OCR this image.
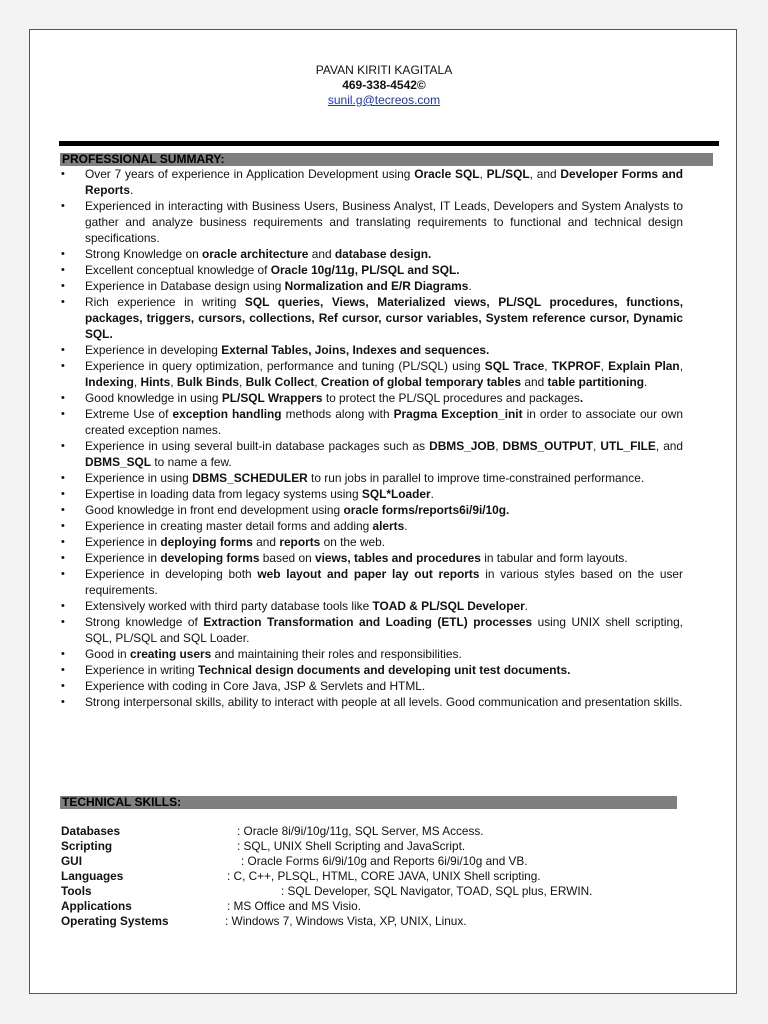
PAVAN KIRITI KAGITALA
469-338-4542©
sunil.g@tecreos.com
PROFESSIONAL SUMMARY:
• Over 7 years of experience in Application Development using Oracle SQL, PL/SQL, and Developer Forms and Reports.
• Experienced in interacting with Business Users, Business Analyst, IT Leads, Developers and System Analysts to gather and analyze business requirements and translating requirements to functional and technical design specifications.
• Strong Knowledge on oracle architecture and database design.
• Excellent conceptual knowledge of Oracle 10g/11g, PL/SQL and SQL.
• Experience in Database design using Normalization and E/R Diagrams.
• Rich experience in writing SQL queries, Views, Materialized views, PL/SQL procedures, functions, packages, triggers, cursors, collections, Ref cursor, cursor variables, System reference cursor, Dynamic SQL.
• Experience in developing External Tables, Joins, Indexes and sequences.
• Experience in query optimization, performance and tuning (PL/SQL) using SQL Trace, TKPROF, Explain Plan, Indexing, Hints, Bulk Binds, Bulk Collect, Creation of global temporary tables and table partitioning.
• Good knowledge in using PL/SQL Wrappers to protect the PL/SQL procedures and packages.
• Extreme Use of exception handling methods along with Pragma Exception_init in order to associate our own created exception names.
• Experience in using several built-in database packages such as DBMS_JOB, DBMS_OUTPUT, UTL_FILE, and DBMS_SQL to name a few.
• Experience in using DBMS_SCHEDULER to run jobs in parallel to improve time-constrained performance.
• Expertise in loading data from legacy systems using SQL*Loader.
• Good knowledge in front end development using oracle forms/reports6i/9i/10g.
• Experience in creating master detail forms and adding alerts.
• Experience in deploying forms and reports on the web.
• Experience in developing forms based on views, tables and procedures in tabular and form layouts.
• Experience in developing both web layout and paper lay out reports in various styles based on the user requirements.
• Extensively worked with third party database tools like TOAD & PL/SQL Developer.
• Strong knowledge of Extraction Transformation and Loading (ETL) processes using UNIX shell scripting, SQL, PL/SQL and SQL Loader.
• Good in creating users and maintaining their roles and responsibilities.
• Experience in writing Technical design documents and developing unit test documents.
• Experience with coding in Core Java, JSP & Servlets and HTML.
• Strong interpersonal skills, ability to interact with people at all levels. Good communication and presentation skills.
TECHNICAL SKILLS:
Databases	: Oracle 8i/9i/10g/11g, SQL Server, MS Access.
Scripting	: SQL, UNIX Shell Scripting and JavaScript.
GUI	: Oracle Forms 6i/9i/10g and Reports 6i/9i/10g and VB.
Languages	: C, C++, PLSQL, HTML, CORE JAVA, UNIX Shell scripting.
Tools	: SQL Developer, SQL Navigator, TOAD, SQL plus, ERWIN.
Applications	: MS Office and MS Visio.
Operating Systems	: Windows 7, Windows Vista, XP, UNIX, Linux.
